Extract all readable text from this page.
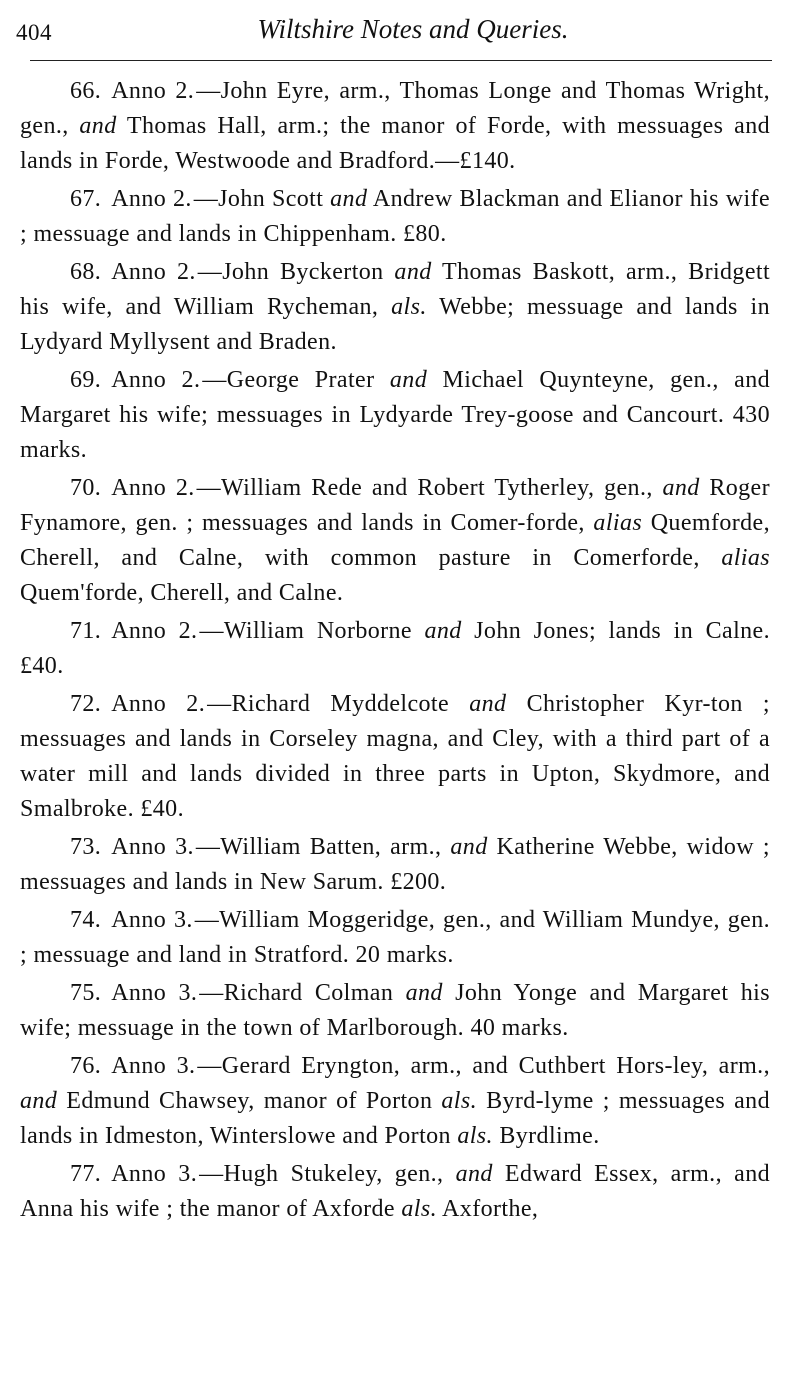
404	Wiltshire Notes and Queries.

66. Anno 2.—John Eyre, arm., Thomas Longe and Thomas Wright, gen., and Thomas Hall, arm.; the manor of Forde, with messuages and lands in Forde, Westwoode and Bradford.—£140.

67. Anno 2.—John Scott and Andrew Blackman and Elianor his wife ; messuage and lands in Chippenham. £80.

68. Anno 2.—John Byckerton and Thomas Baskott, arm., Bridgett his wife, and William Rycheman, als. Webbe; messuage and lands in Lydyard Myllysent and Braden.

69. Anno 2.—George Prater and Michael Quynteyne, gen., and Margaret his wife; messuages in Lydyarde Trey-goose and Cancourt. 430 marks.

70. Anno 2.—William Rede and Robert Tytherley, gen., and Roger Fynamore, gen. ; messuages and lands in Comer-forde, alias Quemforde, Cherell, and Calne, with common pasture in Comerforde, alias Quem'forde, Cherell, and Calne.

71. Anno 2.—William Norborne and John Jones; lands in Calne. £40.

72. Anno 2.—Richard Myddelcote and Christopher Kyr-ton ; messuages and lands in Corseley magna, and Cley, with a third part of a water mill and lands divided in three parts in Upton, Skydmore, and Smalbroke. £40.

73. Anno 3.—William Batten, arm., and Katherine Webbe, widow ; messuages and lands in New Sarum. £200.

74. Anno 3.—William Moggeridge, gen., and William Mundye, gen. ; messuage and land in Stratford. 20 marks.

75. Anno 3.—Richard Colman and John Yonge and Margaret his wife; messuage in the town of Marlborough. 40 marks.

76. Anno 3.—Gerard Eryngton, arm., and Cuthbert Hors-ley, arm., and Edmund Chawsey, manor of Porton als. Byrd-lyme ; messuages and lands in Idmeston, Winterslowe and Porton als. Byrdlime.

77. Anno 3.—Hugh Stukeley, gen., and Edward Essex, arm., and Anna his wife ; the manor of Axforde als. Axforthe,
